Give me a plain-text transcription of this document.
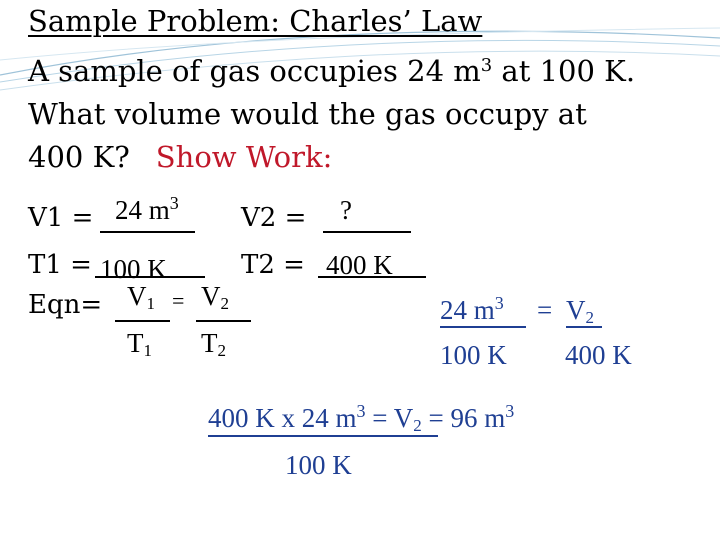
Sample Problem: Charles’ Law
A sample of gas occupies 24 $m^3$ at 100 K.
What volume would the gas occupy at
400 K? Show Work:
V1 = 24 $m^3$ V2 = ?
T1 = 100 K	T2 = 400 K
$Eqn= V_1 = V_2$
$T_1$ $T_2$
24 $m^3 = V_2$
100 K 400 K
400 K x 24 $m^3 = V_2 = 96$ $m^3$
100 K
